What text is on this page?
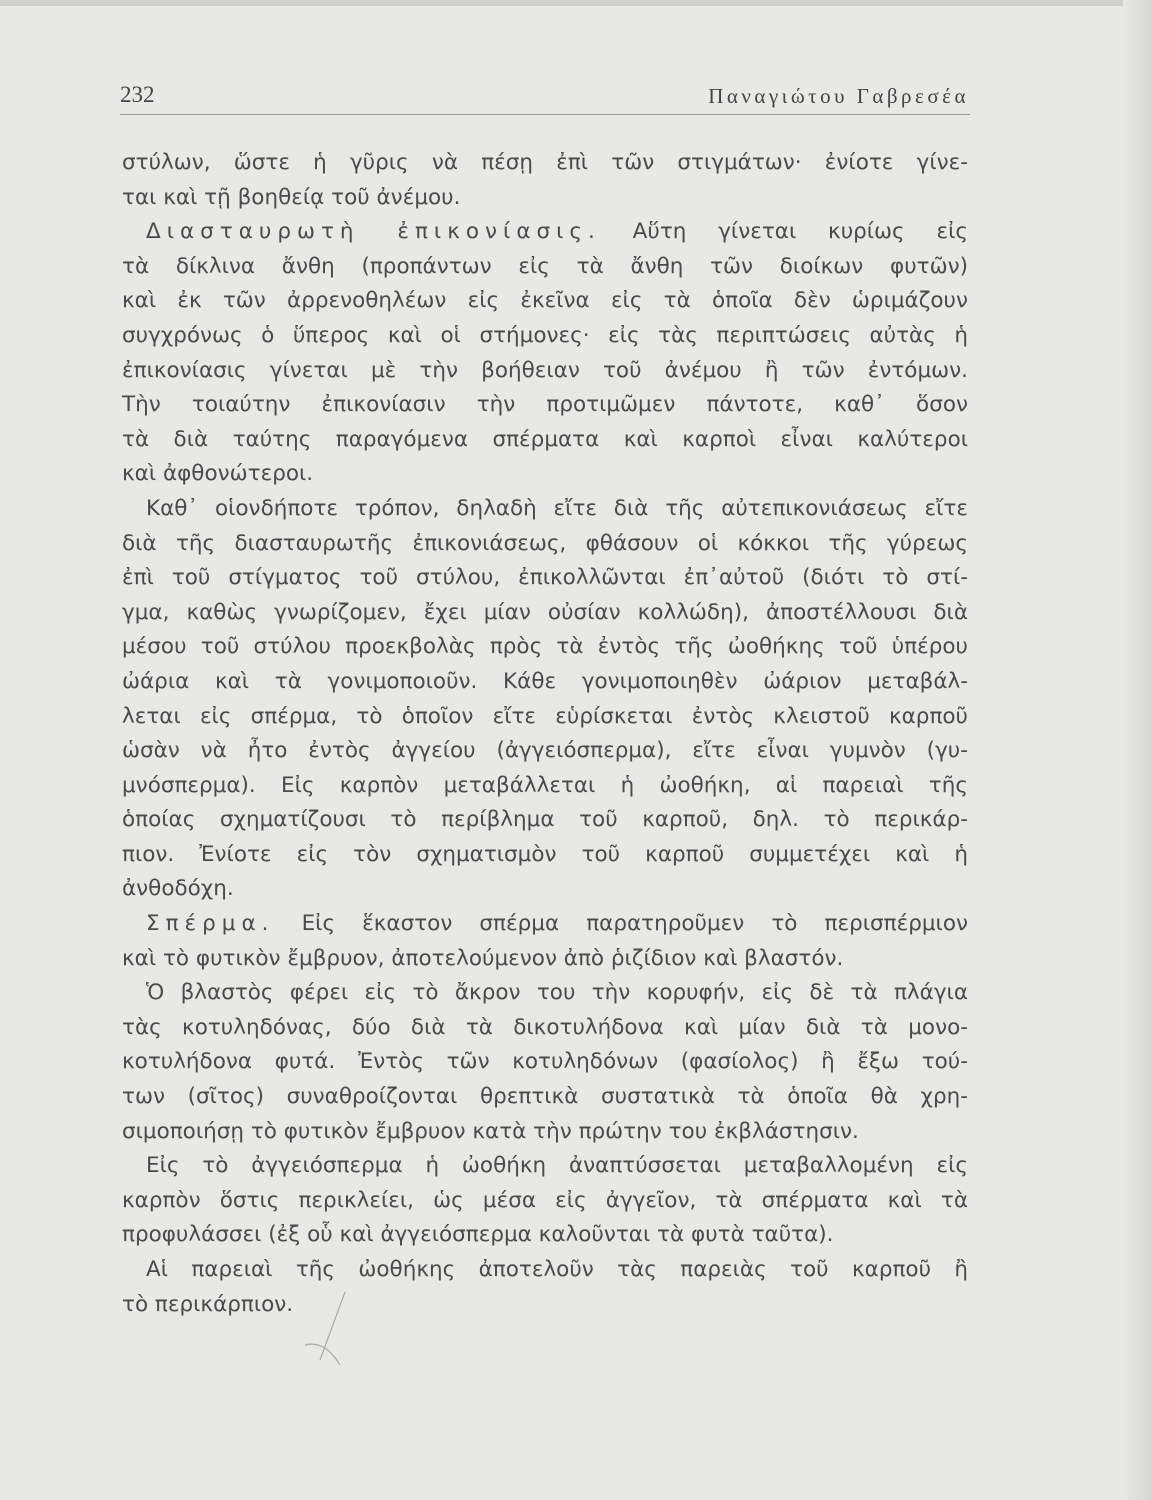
232	Παναγιώτου Γαβρεσέα
στύλων, ὥστε ἡ γῦρις νὰ πέσῃ ἐπὶ τῶν στιγμάτων· ἐνίοτε γίνε-
ται καὶ τῇ βοηθείᾳ τοῦ ἀνέμου.
Διασταυρωτὴ ἐπικονίασις. Αὕτη γίνεται κυρίως εἰς
τὰ δίκλινα ἄνθη (προπάντων εἰς τὰ ἄνθη τῶν διοίκων φυτῶν)
καὶ ἐκ τῶν ἀρρενοθηλέων εἰς ἐκεῖνα εἰς τὰ ὁποῖα δὲν ὡριμάζουν
συγχρόνως ὁ ὕπερος καὶ οἱ στήμονες· εἰς τὰς περιπτώσεις αὐτὰς ἡ
ἐπικονίασις γίνεται μὲ τὴν βοήθειαν τοῦ ἀνέμου ἢ τῶν ἐντόμων.
Τὴν τοιαύτην ἐπικονίασιν τὴν προτιμῶμεν πάντοτε, καθ᾽ ὅσον
τὰ διὰ ταύτης παραγόμενα σπέρματα καὶ καρποὶ εἶναι καλύτεροι
καὶ ἀφθονώτεροι.
Καθ᾽ οἱονδήποτε τρόπον, δηλαδὴ εἴτε διὰ τῆς αὐτεπικονιάσεως εἴτε
διὰ τῆς διασταυρωτῆς ἐπικονιάσεως, φθάσουν οἱ κόκκοι τῆς γύρεως
ἐπὶ τοῦ στίγματος τοῦ στύλου, ἐπικολλῶνται ἐπ᾽αὐτοῦ (διότι τὸ στί-
γμα, καθὼς γνωρίζομεν, ἔχει μίαν οὐσίαν κολλώδη), ἀποστέλλουσι διὰ
μέσου τοῦ στύλου προεκβολὰς πρὸς τὰ ἐντὸς τῆς ὠοθήκης τοῦ ὑπέρου
ὠάρια καὶ τὰ γονιμοποιοῦν. Κάθε γονιμοποιηθὲν ὠάριον μεταβάλ-
λεται εἰς σπέρμα, τὸ ὁποῖον εἴτε εὑρίσκεται ἐντὸς κλειστοῦ καρποῦ
ὡσὰν νὰ ἦτο ἐντὸς ἀγγείου (ἀγγειόσπερμα), εἴτε εἶναι γυμνὸν (γυ-
μνόσπερμα). Εἰς καρπὸν μεταβάλλεται ἡ ὠοθήκη, αἱ παρειαὶ τῆς
ὁποίας σχηματίζουσι τὸ περίβλημα τοῦ καρποῦ, δηλ. τὸ περικάρ-
πιον. Ἐνίοτε εἰς τὸν σχηματισμὸν τοῦ καρποῦ συμμετέχει καὶ ἡ
ἀνθοδόχη.
Σπέρμα. Εἰς ἕκαστον σπέρμα παρατηροῦμεν τὸ περισπέρμιον
καὶ τὸ φυτικὸν ἔμβρυον, ἀποτελούμενον ἀπὸ ῥιζίδιον καὶ βλαστόν.
Ὁ βλαστὸς φέρει εἰς τὸ ἄκρον του τὴν κορυφήν, εἰς δὲ τὰ πλάγια
τὰς κοτυληδόνας, δύο διὰ τὰ δικοτυλήδονα καὶ μίαν διὰ τὰ μονο-
κοτυλήδονα φυτά. Ἐντὸς τῶν κοτυληδόνων (φασίολος) ἢ ἔξω τού-
των (σῖτος) συναθροίζονται θρεπτικὰ συστατικὰ τὰ ὁποῖα θὰ χρη-
σιμοποιήσῃ τὸ φυτικὸν ἔμβρυον κατὰ τὴν πρώτην του ἐκβλάστησιν.
Εἰς τὸ ἀγγειόσπερμα ἡ ὠοθήκη ἀναπτύσσεται μεταβαλλομένη εἰς
καρπὸν ὅστις περικλείει, ὡς μέσα εἰς ἀγγεῖον, τὰ σπέρματα καὶ τὰ
προφυλάσσει (ἐξ οὗ καὶ ἀγγειόσπερμα καλοῦνται τὰ φυτὰ ταῦτα).
Αἱ παρειαὶ τῆς ὠοθήκης ἀποτελοῦν τὰς παρειὰς τοῦ καρποῦ ἢ
τὸ περικάρπιον.
